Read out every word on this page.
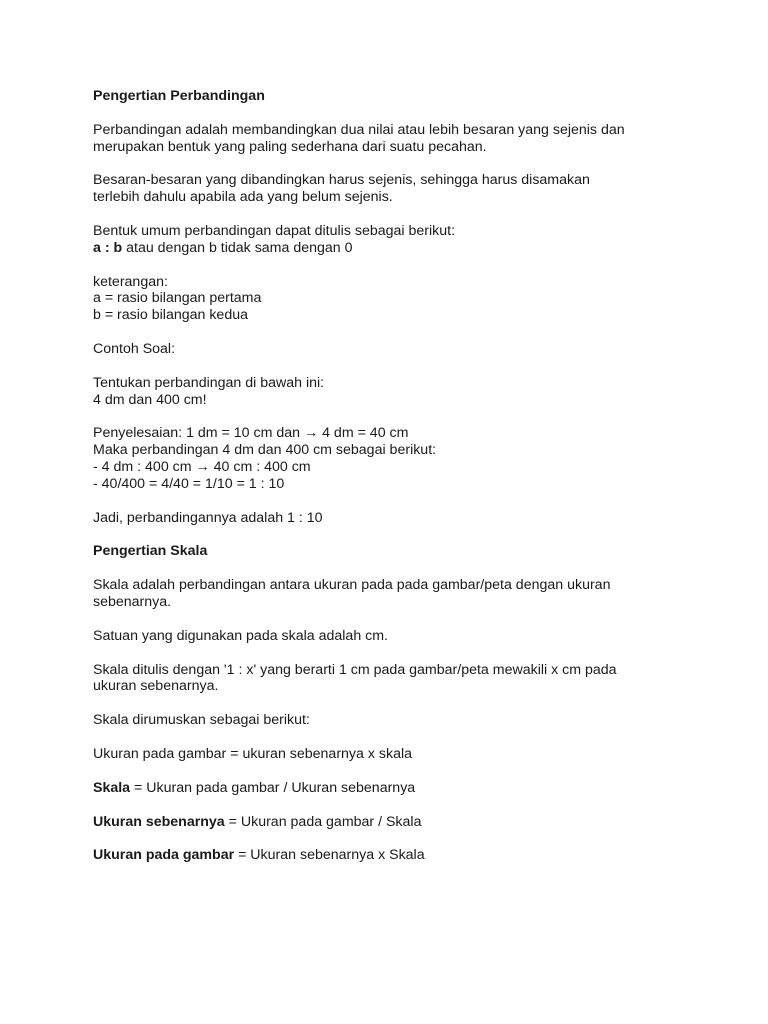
Pengertian Perbandingan
Perbandingan adalah membandingkan dua nilai atau lebih besaran yang sejenis dan
merupakan bentuk yang paling sederhana dari suatu pecahan.
Besaran-besaran yang dibandingkan harus sejenis, sehingga harus disamakan
terlebih dahulu apabila ada yang belum sejenis.
Bentuk umum perbandingan dapat ditulis sebagai berikut:
a : b atau dengan b tidak sama dengan 0
keterangan:
a = rasio bilangan pertama
b = rasio bilangan kedua
Contoh Soal:
Tentukan perbandingan di bawah ini:
4 dm dan 400 cm!
Penyelesaian: 1 dm = 10 cm dan → 4 dm = 40 cm
Maka perbandingan 4 dm dan 400 cm sebagai berikut:
- 4 dm : 400 cm → 40 cm : 400 cm
- 40/400 = 4/40 = 1/10 = 1 : 10
Jadi, perbandingannya adalah 1 : 10
Pengertian Skala
Skala adalah perbandingan antara ukuran pada pada gambar/peta dengan ukuran
sebenarnya.
Satuan yang digunakan pada skala adalah cm.
Skala ditulis dengan '1 : x' yang berarti 1 cm pada gambar/peta mewakili x cm pada
ukuran sebenarnya.
Skala dirumuskan sebagai berikut:
Ukuran pada gambar = ukuran sebenarnya x skala
Skala = Ukuran pada gambar / Ukuran sebenarnya
Ukuran sebenarnya = Ukuran pada gambar / Skala
Ukuran pada gambar = Ukuran sebenarnya x Skala
